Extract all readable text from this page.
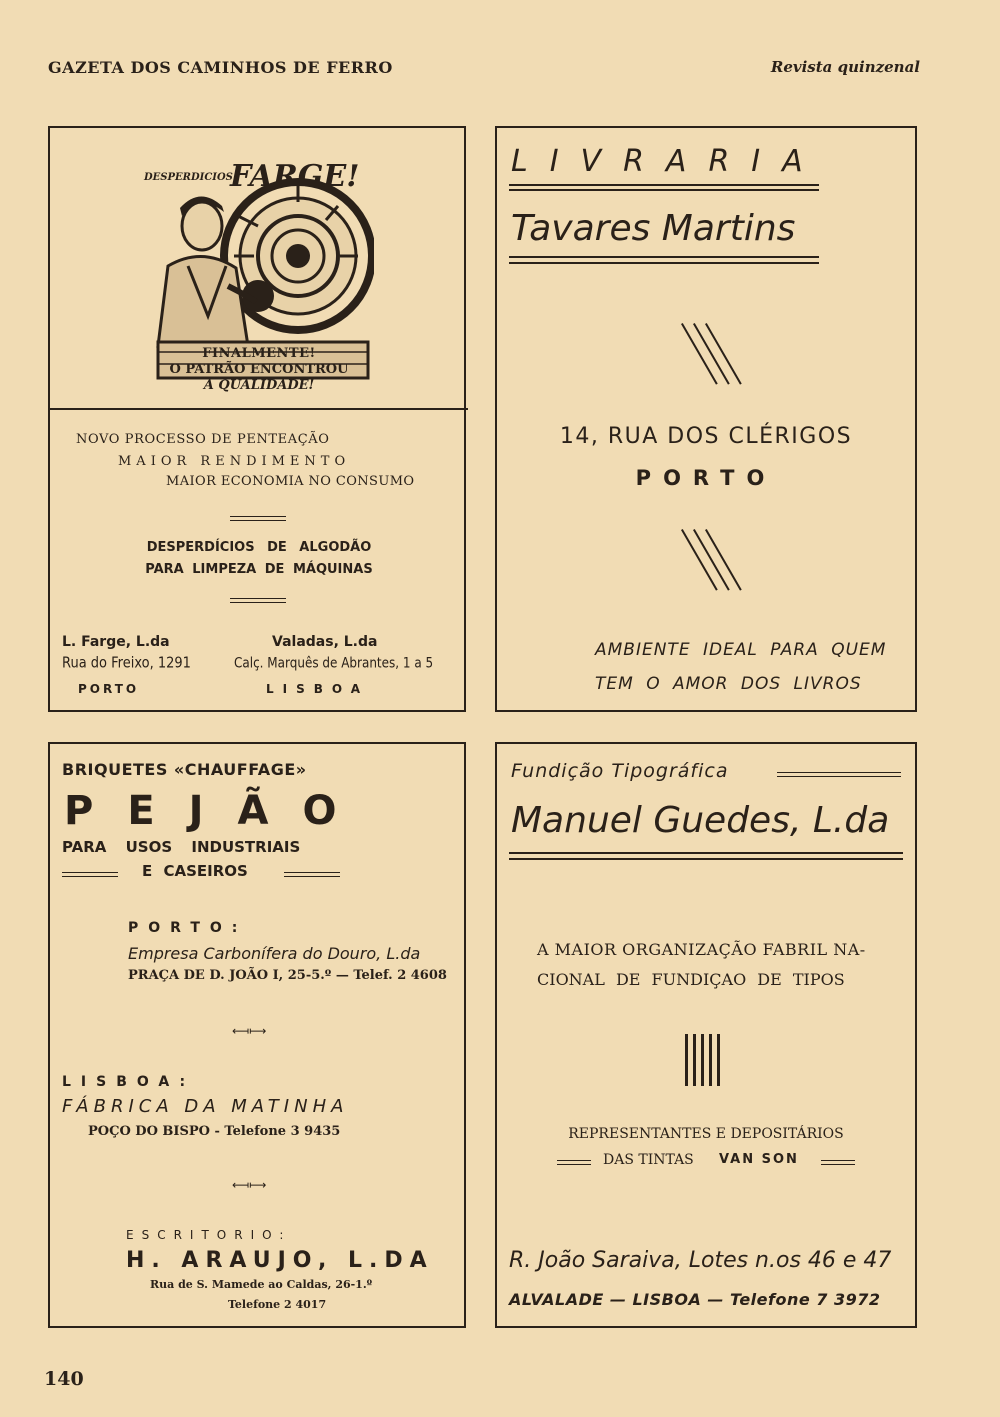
GAZETA DOS CAMINHOS DE FERRO	Revista quinzenal
DESPERDICIOS
FARGE!
FINALMENTE!
O PATRÃO ENCONTROU
A QUALIDADE!
NOVO PROCESSO DE PENTEAÇÃO
MAIOR RENDIMENTO
MAIOR ECONOMIA NO CONSUMO
DESPERDÍCIOS DE ALGODÃO
PARA LIMPEZA DE MÁQUINAS
L. Farge, L.da
Rua do Freixo, 1291
PORTO
Valadas, L.da
Calç. Marquês de Abrantes, 1 a 5
LISBOA
LIVRARIA
Tavares Martins
14, RUA DOS CLÉRIGOS
PORTO
AMBIENTE IDEAL PARA QUEM
TEM O AMOR DOS LIVROS
BRIQUETES «CHAUFFAGE»
PEJÃO
PARA USOS INDUSTRIAIS
E CASEIROS
PORTO:
Empresa Carbonífera do Douro, L.da
PRAÇA DE D. JOÃO I, 25-5.º — Telef. 2 4608
⟻⟼
LISBOA:
FÁBRICA DA MATINHA
POÇO DO BISPO - Telefone 3 9435
⟻⟼
ESCRITORIO:
H. ARAUJO, L.DA
Rua de S. Mamede ao Caldas, 26-1.º
Telefone 2 4017
Fundição Tipográfica
Manuel Guedes, L.da
A MAIOR ORGANIZAÇÃO FABRIL NA-
CIONAL DE FUNDIÇAO DE TIPOS
REPRESENTANTES E DEPOSITÁRIOS
DAS TINTAS VAN SON
R. João Saraiva, Lotes n.os 46 e 47
ALVALADE — LISBOA — Telefone 7 3972
140
